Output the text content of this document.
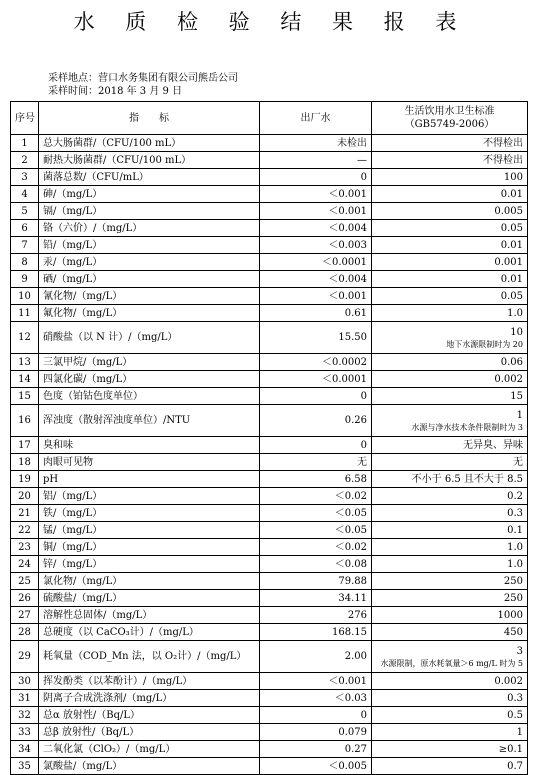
水 质 检 验 结 果 报 表
采样地点：营口水务集团有限公司熊岳公司
采样时间：2018 年 3 月 9 日
序号	指　　标	出厂水	生活饮用水卫生标准
（GB5749-2006）

1	总大肠菌群/（CFU/100 mL）	未检出	不得检出
2	耐热大肠菌群/（CFU/100 mL）	—	不得检出
3	菌落总数/（CFU/mL）	0	100
4	砷/（mg/L）	＜0.001	0.01
5	镉/（mg/L）	＜0.001	0.005
6	铬（六价）/（mg/L）	＜0.004	0.05
7	铅/（mg/L）	＜0.003	0.01
8	汞/（mg/L）	＜0.0001	0.001
9	硒/（mg/L）	＜0.004	0.01
10	氰化物/（mg/L）	＜0.001	0.05
11	氟化物/（mg/L）	0.61	1.0
12	硝酸盐（以 N 计）/（mg/L）	15.50	10
地下水源限制时为 20

13	三氯甲烷/（mg/L）	＜0.0002	0.06
14	四氯化碳/（mg/L）	＜0.0001	0.002
15	色度（铂钴色度单位）	0	15
16	浑浊度（散射浑浊度单位）/NTU	0.26	1
水源与净水技术条件限制时为 3

17	臭和味	0	无异臭、异味
18	肉眼可见物	无	无
19	pH	6.58	不小于 6.5 且不大于 8.5
20	铝/（mg/L）	＜0.02	0.2
21	铁/（mg/L）	＜0.05	0.3
22	锰/（mg/L）	＜0.05	0.1
23	铜/（mg/L）	＜0.02	1.0
24	锌/（mg/L）	＜0.08	1.0
25	氯化物/（mg/L）	79.88	250
26	硫酸盐/（mg/L）	34.11	250
27	溶解性总固体/（mg/L）	276	1000
28	总硬度（以 CaCO₃计）/（mg/L）	168.15	450
29	耗氧量（COD_Mn 法，以 O₂计）/（mg/L）	2.00	3
水源限制，原水耗氧量＞6 mg/L 时为 5

30	挥发酚类（以苯酚计）/（mg/L）	＜0.001	0.002
31	阴离子合成洗涤剂/（mg/L）	＜0.03	0.3
32	总α 放射性/（Bq/L）	0	0.5
33	总β 放射性/（Bq/L）	0.079	1
34	二氧化氯（ClO₂）/（mg/L）	0.27	≥0.1
35	氯酸盐/（mg/L）	＜0.005	0.7
